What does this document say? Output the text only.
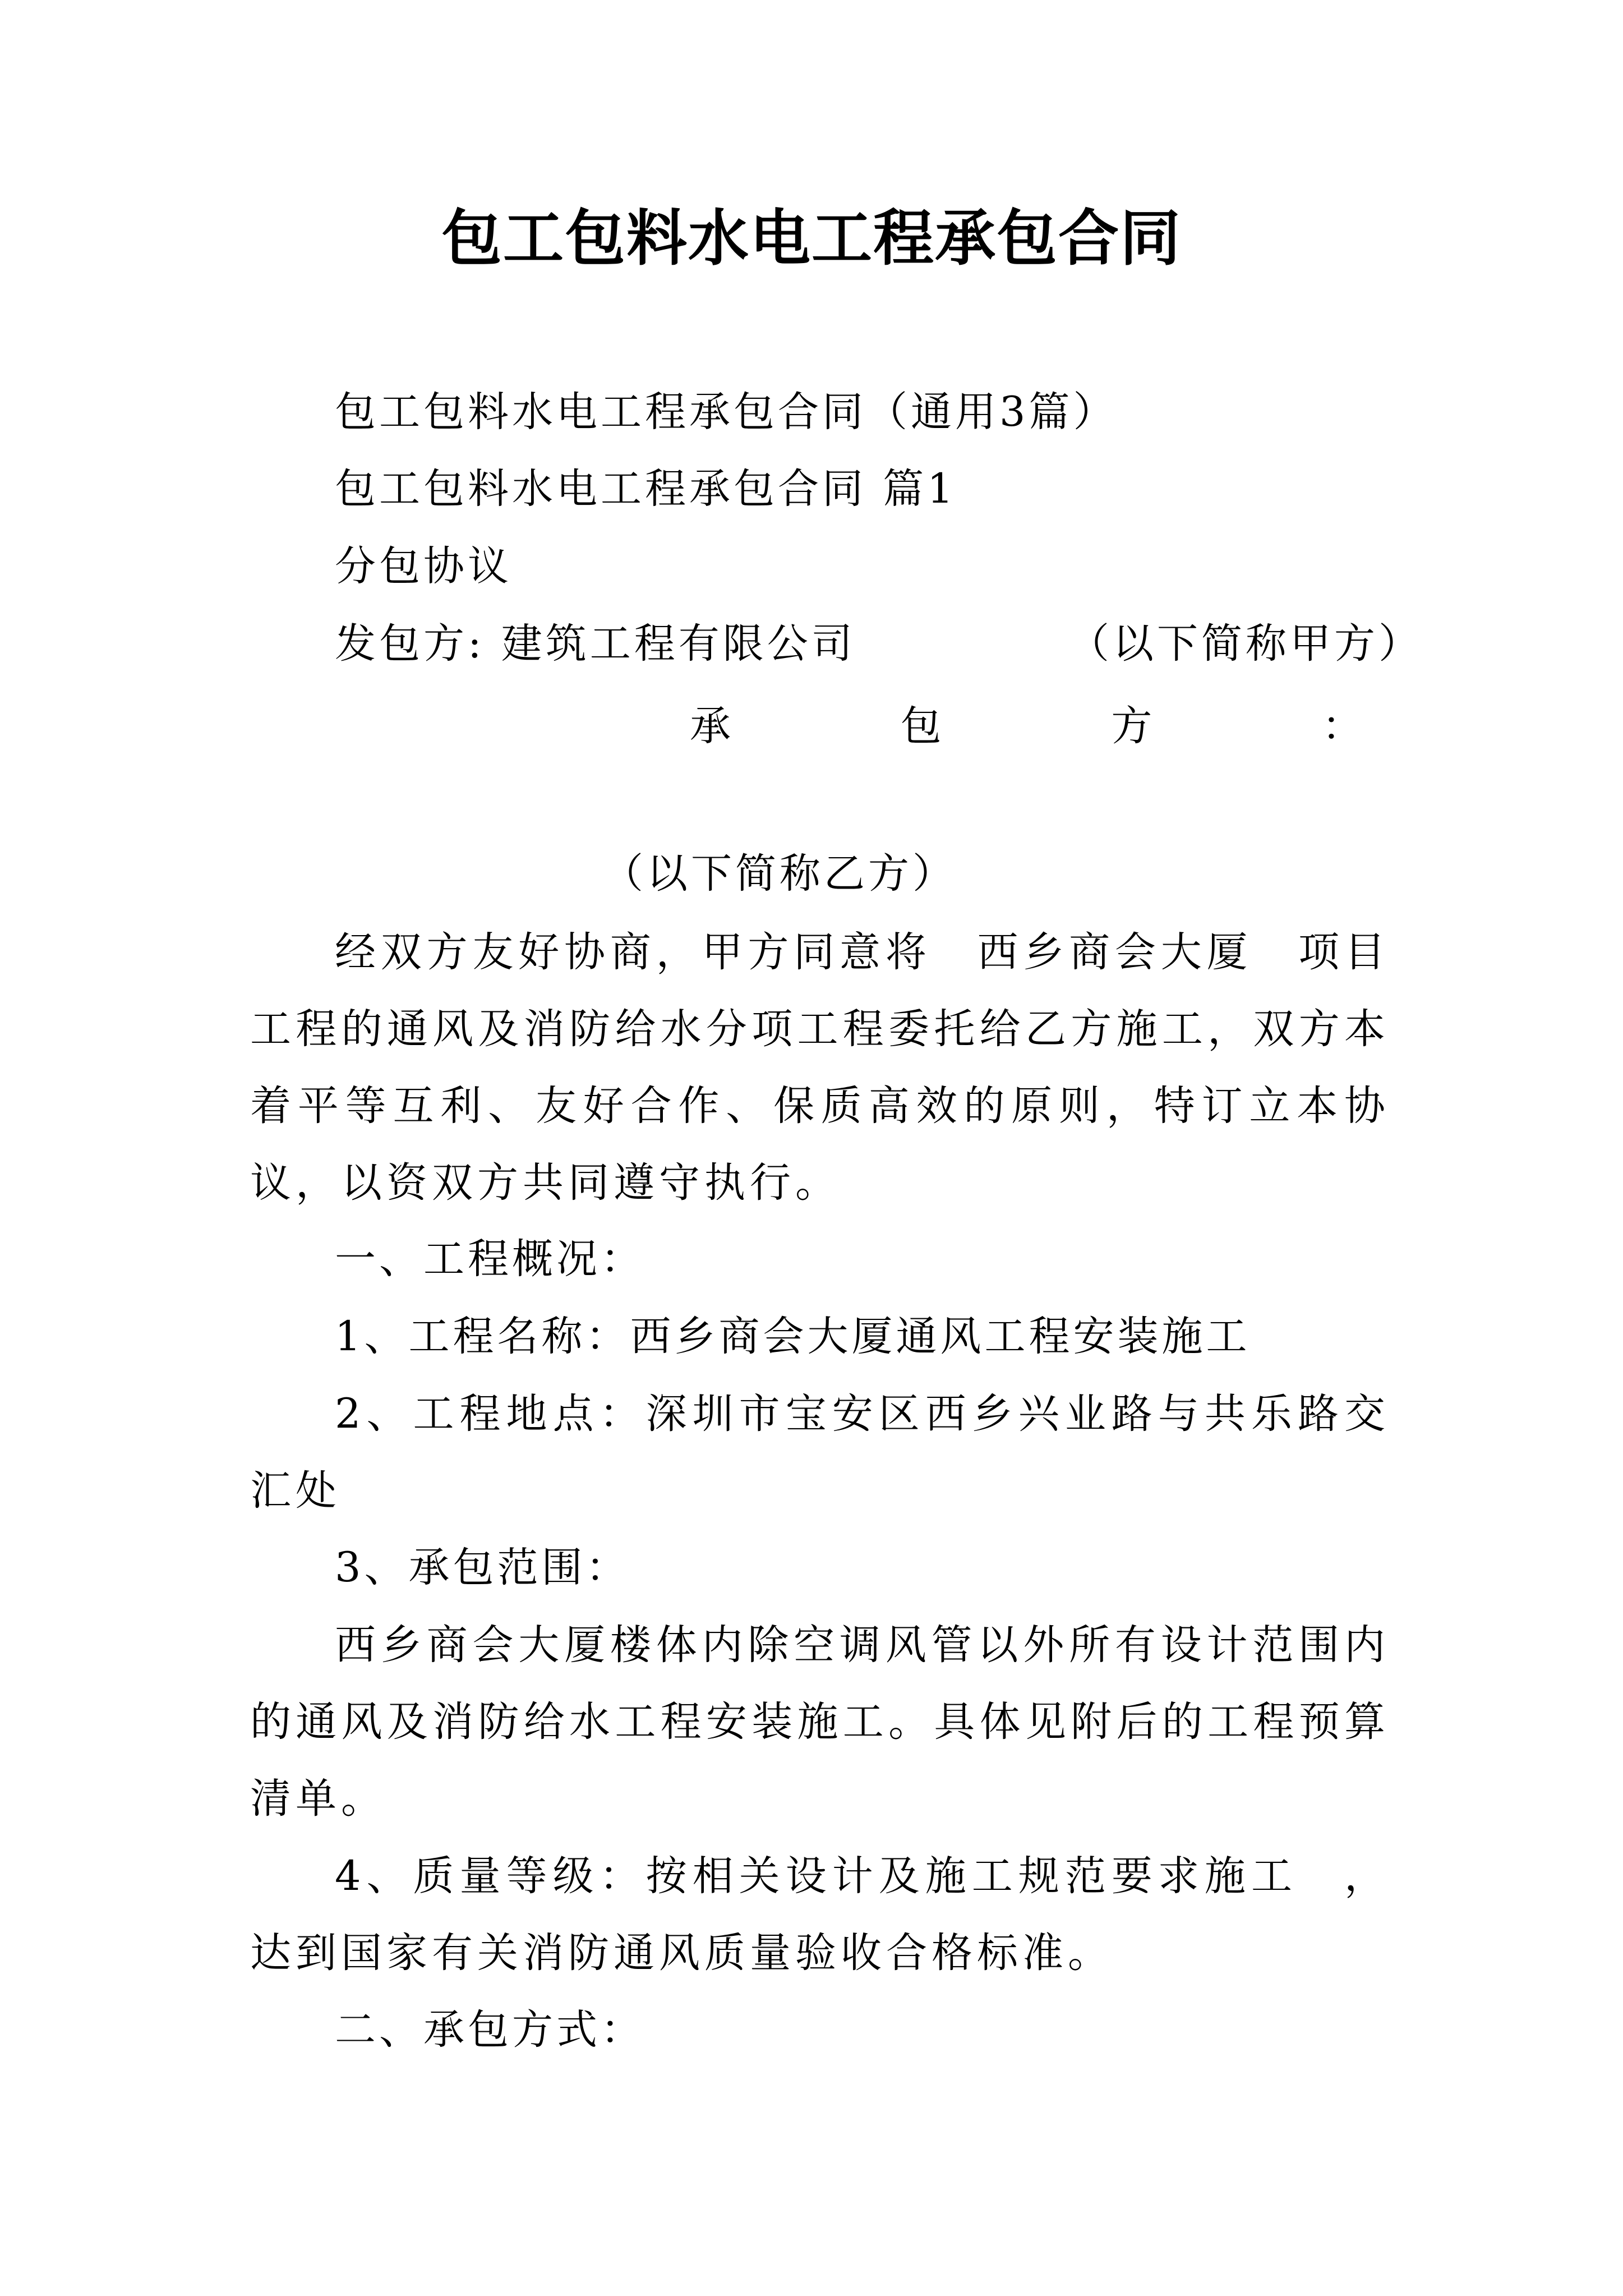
包工包料水电工程承包合同
包工包料水电工程承包合同（通用3篇）
包工包料水电工程承包合同 篇1
分包协议
发包方: 建筑工程有限公司	（以下简称甲方）
承	包	方	：
（以下简称乙方）

经双方友好协商，甲方同意将　西乡商会大厦　项目工程的通风及消防给水分项工程委托给乙方施工，双方本着平等互利、友好合作、保质高效的原则，特订立本协议，以资双方共同遵守执行。

一、工程概况：
1、工程名称：西乡商会大厦通风工程安装施工

2、工程地点：深圳市宝安区西乡兴业路与共乐路交汇处

3、承包范围：

西乡商会大厦楼体内除空调风管以外所有设计范围内的通风及消防给水工程安装施工。具体见附后的工程预算清单。

4、质量等级：按相关设计及施工规范要求施工　，达到国家有关消防通风质量验收合格标准。

二、承包方式：
